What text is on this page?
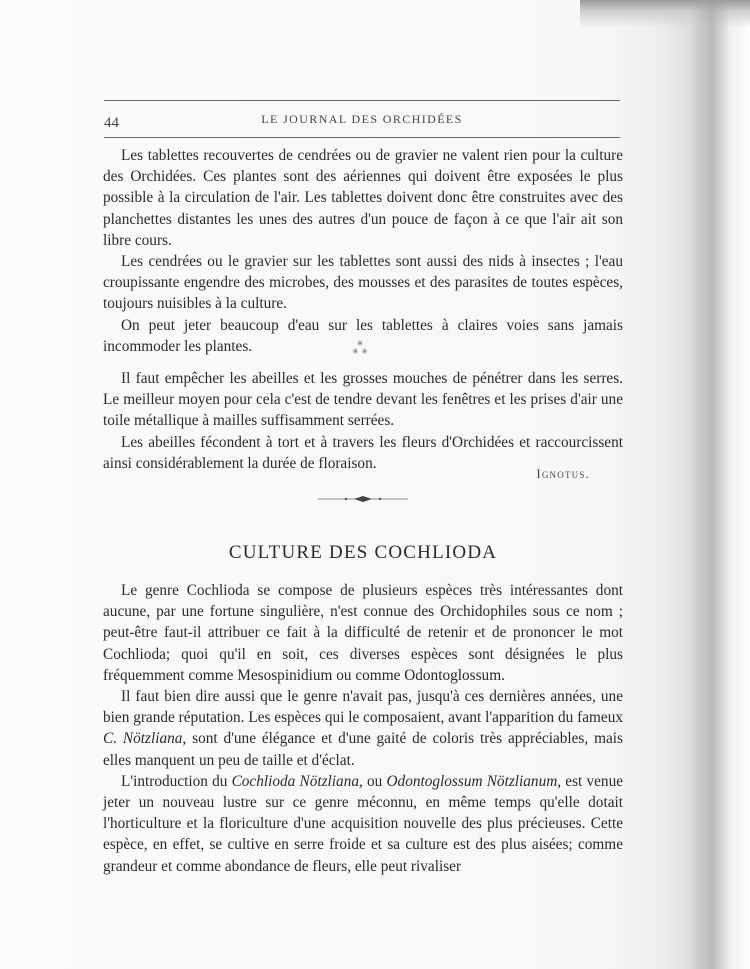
44	LE JOURNAL DES ORCHIDÉES

Les tablettes recouvertes de cendrées ou de gravier ne valent rien pour la culture des Orchidées. Ces plantes sont des aériennes qui doivent être exposées le plus possible à la circulation de l'air. Les tablettes doivent donc être construites avec des planchettes distantes les unes des autres d'un pouce de façon à ce que l'air ait son libre cours.

Les cendrées ou le gravier sur les tablettes sont aussi des nids à insectes ; l'eau croupissante engendre des microbes, des mousses et des parasites de toutes espèces, toujours nuisibles à la culture.

On peut jeter beaucoup d'eau sur les tablettes à claires voies sans jamais incommoder les plantes.	✳
✳ ✳

Il faut empêcher les abeilles et les grosses mouches de pénétrer dans les serres. Le meilleur moyen pour cela c'est de tendre devant les fenêtres et les prises d'air une toile métallique à mailles suffisamment serrées.

Les abeilles fécondent à tort et à travers les fleurs d'Orchidées et raccourcissent ainsi considérablement la durée de floraison.

Ignotus.
CULTURE DES COCHLIODA

Le genre Cochlioda se compose de plusieurs espèces très intéressantes dont aucune, par une fortune singulière, n'est connue des Orchidophiles sous ce nom ; peut-être faut-il attribuer ce fait à la difficulté de retenir et de prononcer le mot Cochlioda; quoi qu'il en soit, ces diverses espèces sont désignées le plus fréquemment comme Mesospinidium ou comme Odontoglossum.

Il faut bien dire aussi que le genre n'avait pas, jusqu'à ces dernières années, une bien grande réputation. Les espèces qui le composaient, avant l'apparition du fameux C. Nötzliana, sont d'une élégance et d'une gaité de coloris très appréciables, mais elles manquent un peu de taille et d'éclat.

L'introduction du Cochlioda Nötzliana, ou Odontoglossum Nötzlianum, est venue jeter un nouveau lustre sur ce genre méconnu, en même temps qu'elle dotait l'horticulture et la floriculture d'une acquisition nouvelle des plus précieuses. Cette espèce, en effet, se cultive en serre froide et sa culture est des plus aisées; comme grandeur et comme abondance de fleurs, elle peut rivaliser
